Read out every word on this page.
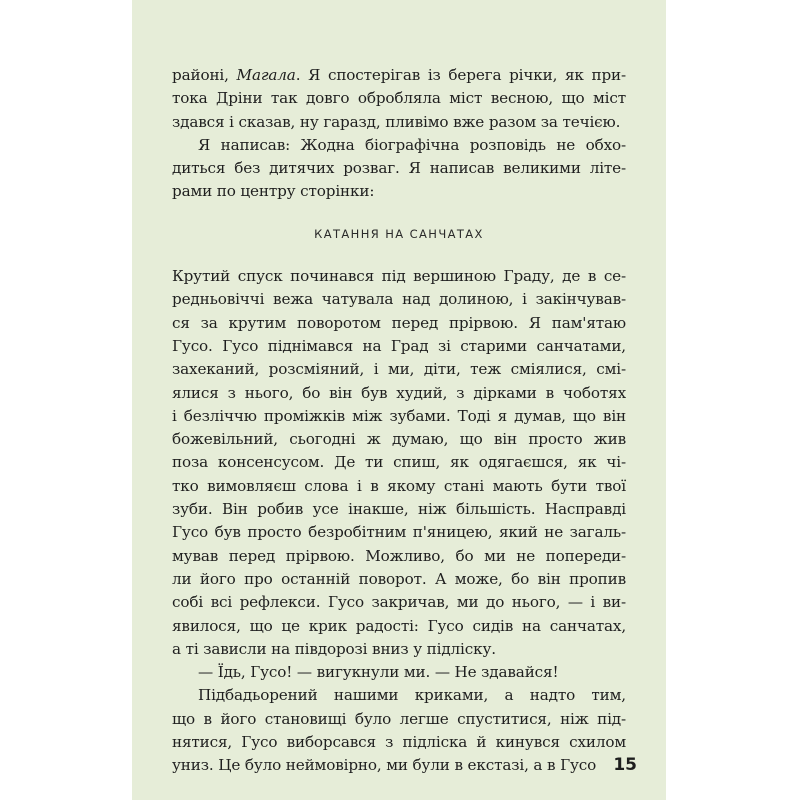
районі, Магала. Я спостерігав із берега річки, як при-
тока Дріни так довго обробляла міст весною, що міст
здався і сказав, ну гаразд, пливімо вже разом за течією.
Я написав: Жодна біографічна розповідь не обхо-
диться без дитячих розваг. Я написав великими літе-
рами по центру сторінки:
КАТАННЯ НА САНЧАТАХ
Крутий спуск починався під вершиною Граду, де в се-
редньовіччі вежа чатувала над долиною, і закінчував-
ся за крутим поворотом перед прірвою. Я пам'ятаю
Гусо. Гусо піднімався на Град зі старими санчатами,
захеканий, розсміяний, і ми, діти, теж сміялися, смі-
ялися з нього, бо він був худий, з дірками в чоботях
і безліччю проміжків між зубами. Тоді я думав, що він
божевільний, сьогодні ж думаю, що він просто жив
поза консенсусом. Де ти спиш, як одягаєшся, як чі-
тко вимовляєш слова і в якому стані мають бути твої
зуби. Він робив усе інакше, ніж більшість. Насправді
Гусо був просто безробітним п'яницею, який не загаль-
мував перед прірвою. Можливо, бо ми не попереди-
ли його про останній поворот. А може, бо він пропив
собі всі рефлекси. Гусо закричав, ми до нього, — і ви-
явилося, що це крик радості: Гусо сидів на санчатах,
а ті зависли на півдорозі вниз у підліску.
— Їдь, Гусо! — вигукнули ми. — Не здавайся!
Підбадьорений нашими криками, а надто тим,
що в його становищі було легше спуститися, ніж під-
нятися, Гусо виборсався з підліска й кинувся схилом
униз. Це було неймовірно, ми були в екстазі, а в Гусо	15
